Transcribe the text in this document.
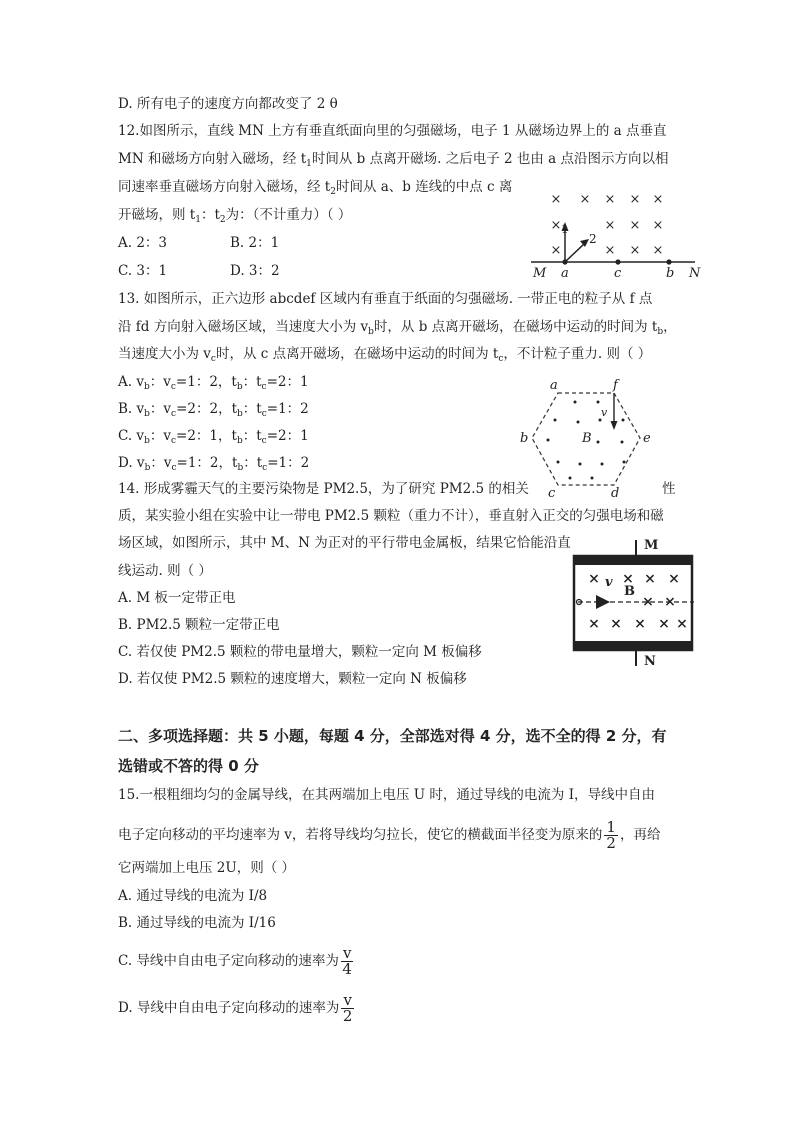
D. 所有电子的速度方向都改变了 2 θ
12.如图所示，直线 MN 上方有垂直纸面向里的匀强磁场，电子 1 从磁场边界上的 a 点垂直
MN 和磁场方向射入磁场，经 $t_1$时间从 b 点离开磁场. 之后电子 2 也由 a 点沿图示方向以相
同速率垂直磁场方向射入磁场，经 $t_2$时间从 a、b 连线的中点 c 离
开磁场，则 $t_1$：$t_2$为：（不计重力）（ ）
A. 2：3	B. 2：1
C. 3：1	D. 3：2
× × × × ×
×	× × ×
×	× × ×
1
2
M a	c	b N
13. 如图所示，正六边形 abcdef 区域内有垂直于纸面的匀强磁场. 一带正电的粒子从 f 点
沿 fd 方向射入磁场区域，当速度大小为 $v_b$时，从 b 点离开磁场，在磁场中运动的时间为 $t_b$，
当速度大小为 $v_c$时，从 c 点离开磁场，在磁场中运动的时间为 $t_c$，不计粒子重力. 则（ ）
A. $v_b$：$v_c=1$：2，$t_b$：$t_c=2$：1
B. $v_b$：$v_c=2$：2，$t_b$：$t_c=1$：2
C. $v_b$：$v_c=2$：1，$t_b$：$t_c=2$：1
D. $v_b$：$v_c=1$：2，$t_b$：$t_c=1$：2
a	f
b	e
c	d
B
v
14. 形成雾霾天气的主要污染物是 PM2.5，为了研究 PM2.5 的相关	性
质，某实验小组在实验中让一带电 PM2.5 颗粒（重力不计），垂直射入正交的匀强电场和磁
场区域，如图所示，其中 M、N 为正对的平行带电金属板，结果它恰能沿直
线运动. 则（ ）
A. M 板一定带正电
B. PM2.5 颗粒一定带正电
C. 若仅使 PM2.5 颗粒的带电量增大，颗粒一定向 M 板偏移
D. 若仅使 PM2.5 颗粒的速度增大，颗粒一定向 N 板偏移
× × × ×
× ×
× × × × ×
M
N
v
B
二、多项选择题：共 5 小题，每题 4 分，全部选对得 4 分，选不全的得 2 分，有
选错或不答的得 0 分
15.一根粗细均匀的金属导线，在其两端加上电压 U 时，通过导线的电流为 I，导线中自由
电子定向移动的平均速率为 v，若将导线均匀拉长，使它的横截面半径变为原来的 $\frac{1}{2}$ ，再给
它两端加上电压 2U，则（ ）
A. 通过导线的电流为 I/8
B. 通过导线的电流为 I/16
C. 导线中自由电子定向移动的速率为 $\frac{v}{4}$
D. 导线中自由电子定向移动的速率为 $\frac{v}{2}$
